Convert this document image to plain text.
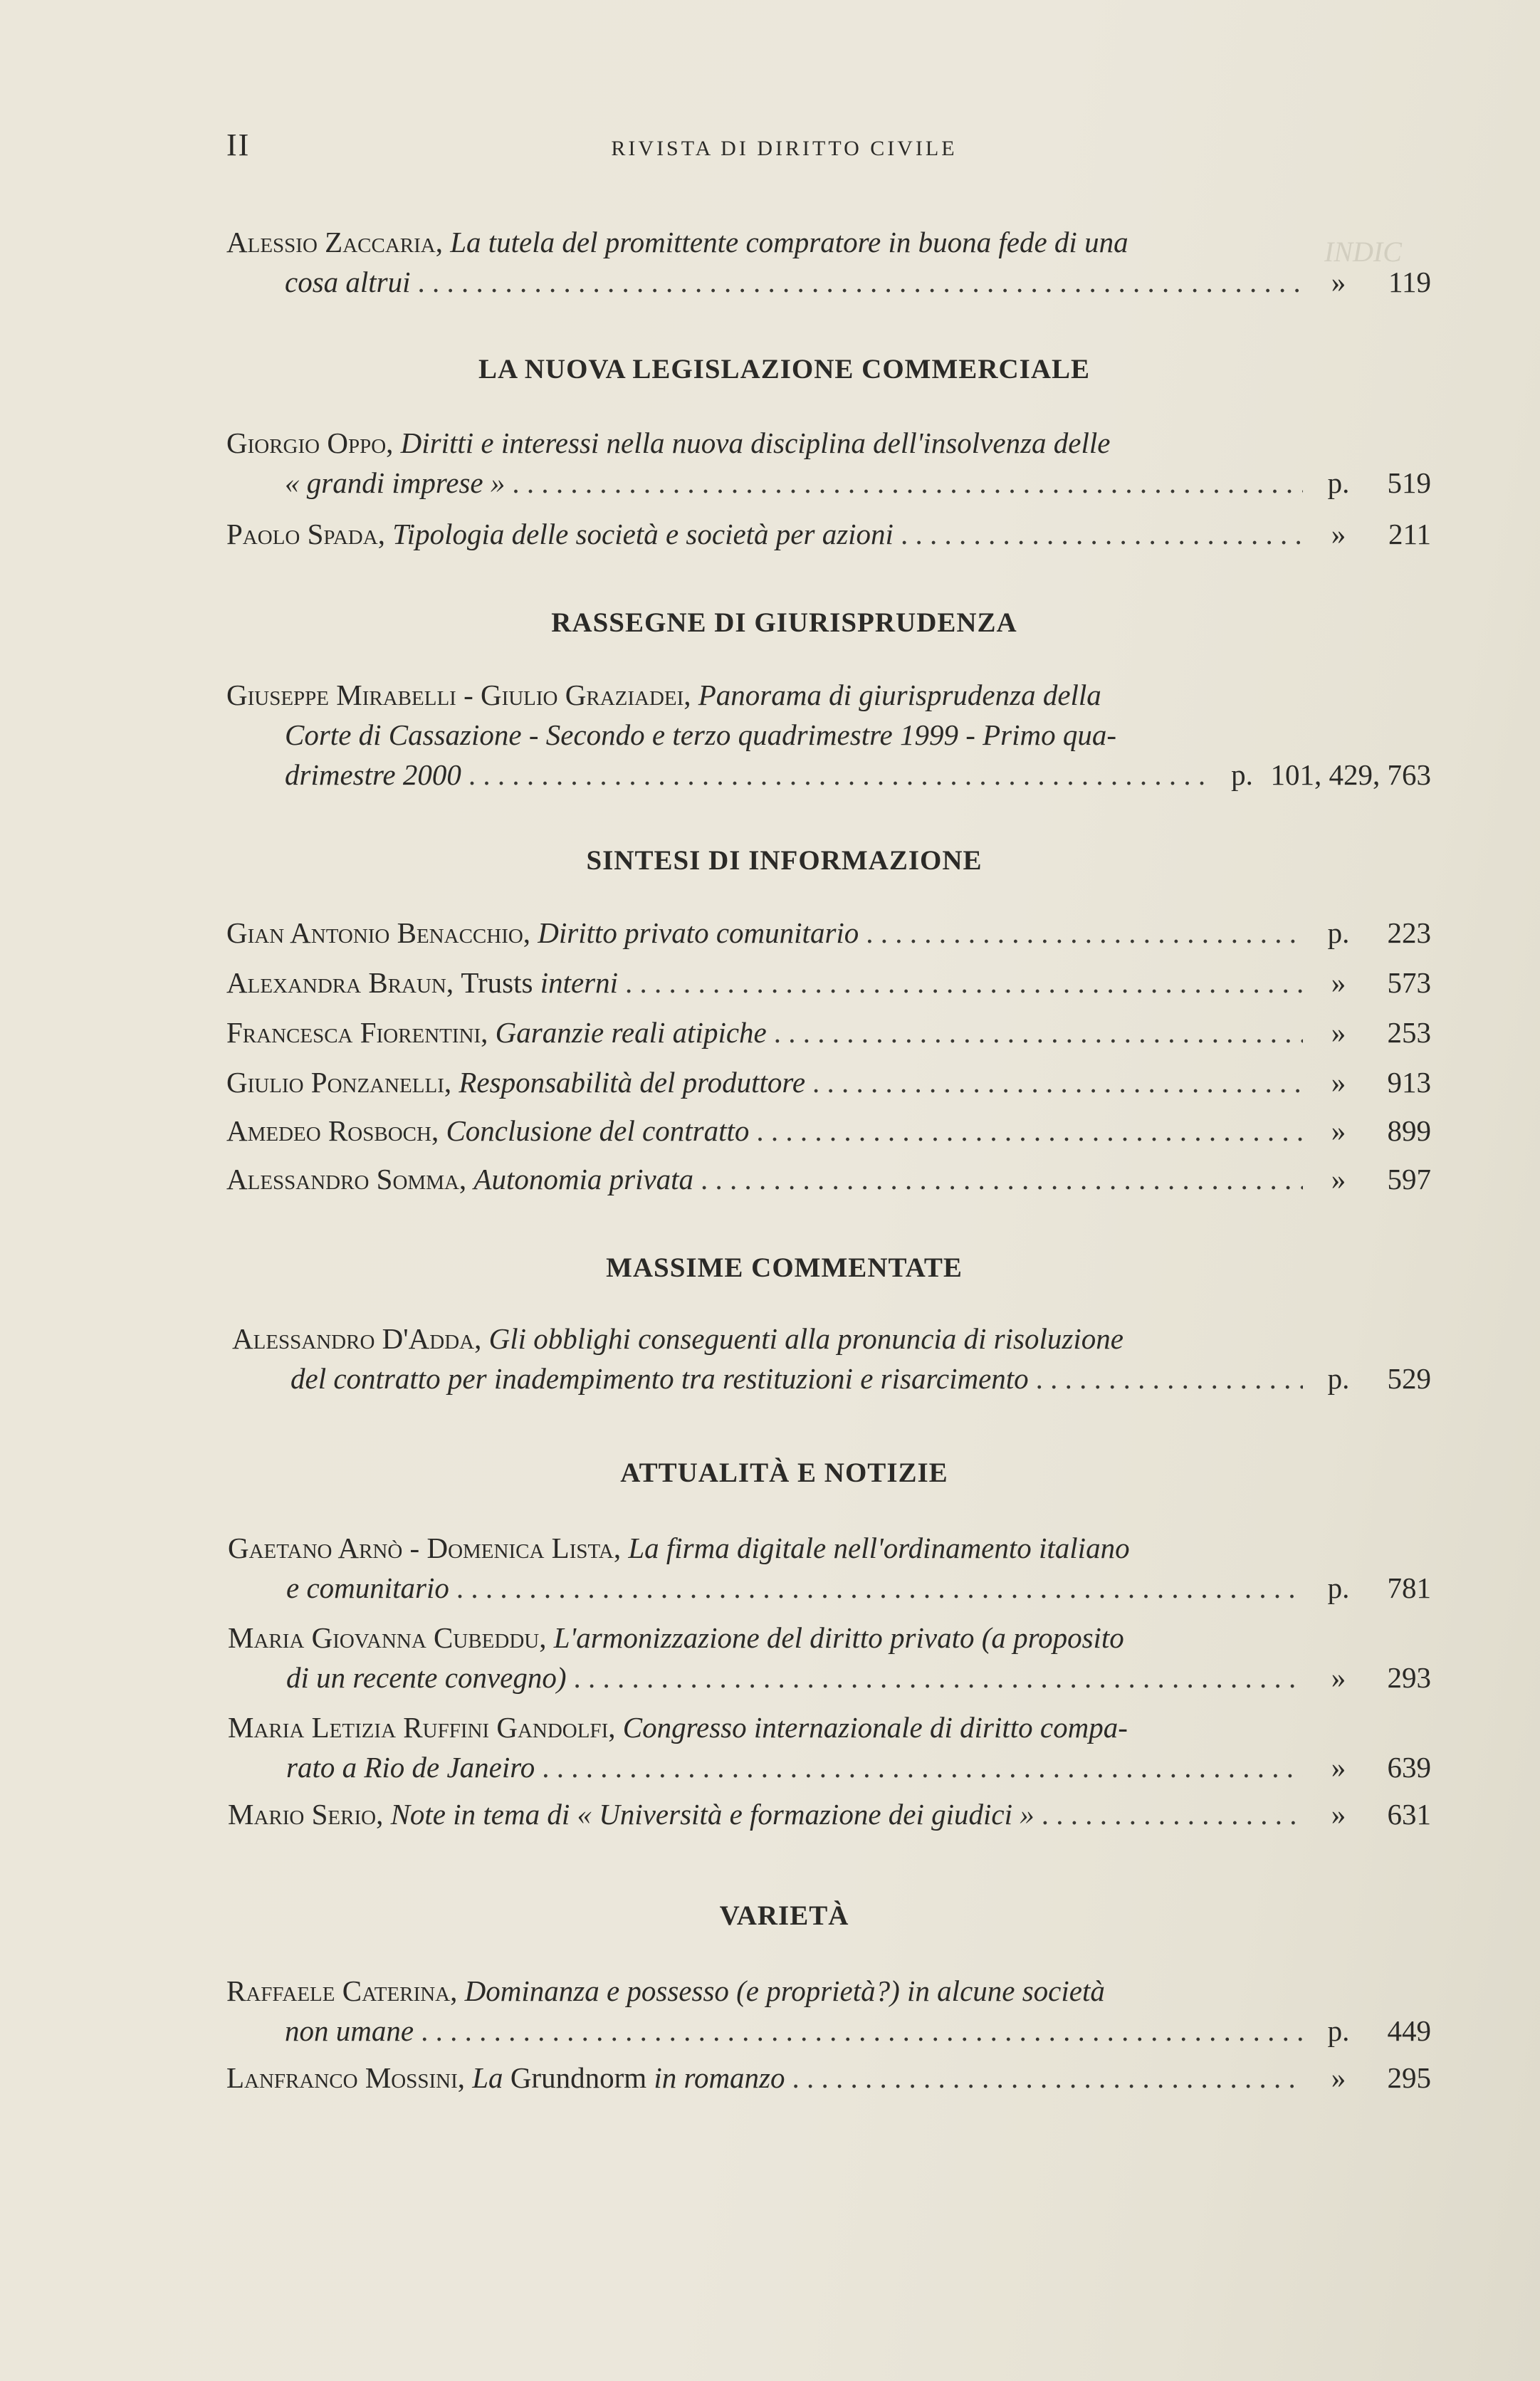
II	RIVISTA DI DIRITTO CIVILE
INDIC
Alessio Zaccaria , La tutela del promittente compratore in buona fede di una
cosa altrui . . .	»	119
LA NUOVA LEGISLAZIONE COMMERCIALE
Giorgio Oppo , Diritti e interessi nella nuova disciplina dell'insolvenza delle
« grandi imprese » . . .	p.	519
Paolo Spada , Tipologia delle società e società per azioni . . .	»	211
RASSEGNE DI GIURISPRUDENZA
Giuseppe Mirabelli - Giulio Graziadei , Panorama di giurisprudenza della
Corte di Cassazione - Secondo e terzo quadrimestre 1999 - Primo qua-
drimestre 2000 . . .	p. 101, 429, 763
SINTESI DI INFORMAZIONE
Gian Antonio Benacchio , Diritto privato comunitario . . .	p.	223
Alexandra Braun , Trusts
interni . . .	»	573
Francesca Fiorentini , Garanzie reali atipiche . . .	»	253
Giulio Ponzanelli , Responsabilità del produttore . . .	»	913
Amedeo Rosboch , Conclusione del contratto . . .	»	899
Alessandro Somma , Autonomia privata . . .	»	597
MASSIME COMMENTATE
Alessandro D'Adda , Gli obblighi conseguenti alla pronuncia di risoluzione
del contratto per inadempimento tra restituzioni e risarcimento . . .	p.	529
ATTUALITÀ E NOTIZIE
Gaetano Arnò - Domenica Lista , La firma digitale nell'ordinamento italiano
e comunitario . . .	p.	781
Maria Giovanna Cubeddu , L'armonizzazione del diritto privato (a proposito
di un recente convegno) . . .	»	293
Maria Letizia Ruffini Gandolfi , Congresso internazionale di diritto compa-
rato a Rio de Janeiro . . .	»	639
Mario Serio , Note in tema di « Università e formazione dei giudici » . . .	»	631
VARIETÀ
Raffaele Caterina , Dominanza e possesso (e proprietà?) in alcune società
non umane . . .	p.	449
Lanfranco Mossini , La
Grundnorm
in romanzo . . .	»	295
